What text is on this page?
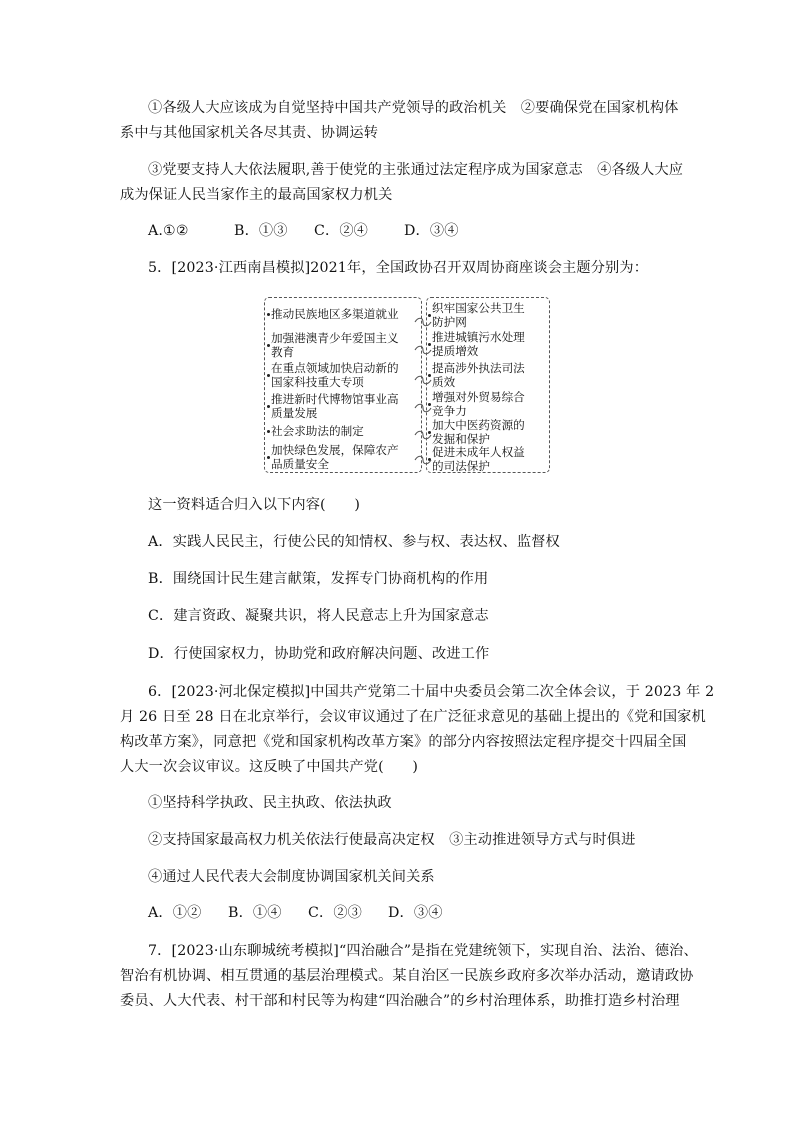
①各级人大应该成为自觉坚持中国共产党领导的政治机关　②要确保党在国家机构体
系中与其他国家机关各尽其责、协调运转
③党要支持人大依法履职,善于使党的主张通过法定程序成为国家意志　④各级人大应
成为保证人民当家作主的最高国家权力机关
A.①②	B．①③ C．②④	D．③④
5．[2023·江西南昌模拟]2021年，全国政协召开双周协商座谈会主题分别为：
推动民族地区多渠道就业
加强港澳青少年爱国主义
教育
在重点领域加快启动新的
国家科技重大专项
推进新时代博物馆事业高
质量发展
社会求助法的制定
加快绿色发展，保障农产
品质量安全
织牢国家公共卫生
防护网
推进城镇污水处理
提质增效
提高涉外执法司法
质效
增强对外贸易综合
竞争力
加大中医药资源的
发掘和保护
促进未成年人权益
的司法保护
这一资料适合归入以下内容(　　)
A．实践人民民主，行使公民的知情权、参与权、表达权、监督权
B．围绕国计民生建言献策，发挥专门协商机构的作用
C．建言资政、凝聚共识，将人民意志上升为国家意志
D．行使国家权力，协助党和政府解决问题、改进工作
6．[2023·河北保定模拟]中国共产党第二十届中央委员会第二次全体会议，于 2023 年 2
月 26 日至 28 日在北京举行，会议审议通过了在广泛征求意见的基础上提出的《党和国家机
构改革方案》，同意把《党和国家机构改革方案》的部分内容按照法定程序提交十四届全国
人大一次会议审议。这反映了中国共产党(　　)
①坚持科学执政、民主执政、依法执政
②支持国家最高权力机关依法行使最高决定权　③主动推进领导方式与时俱进
④通过人民代表大会制度协调国家机关间关系
A．①② B．①④ C．②③ D．③④
7．[2023·山东聊城统考模拟]“四治融合”是指在党建统领下，实现自治、法治、德治、
智治有机协调、相互贯通的基层治理模式。某自治区一民族乡政府多次举办活动，邀请政协
委员、人大代表、村干部和村民等为构建“四治融合”的乡村治理体系，助推打造乡村治理
